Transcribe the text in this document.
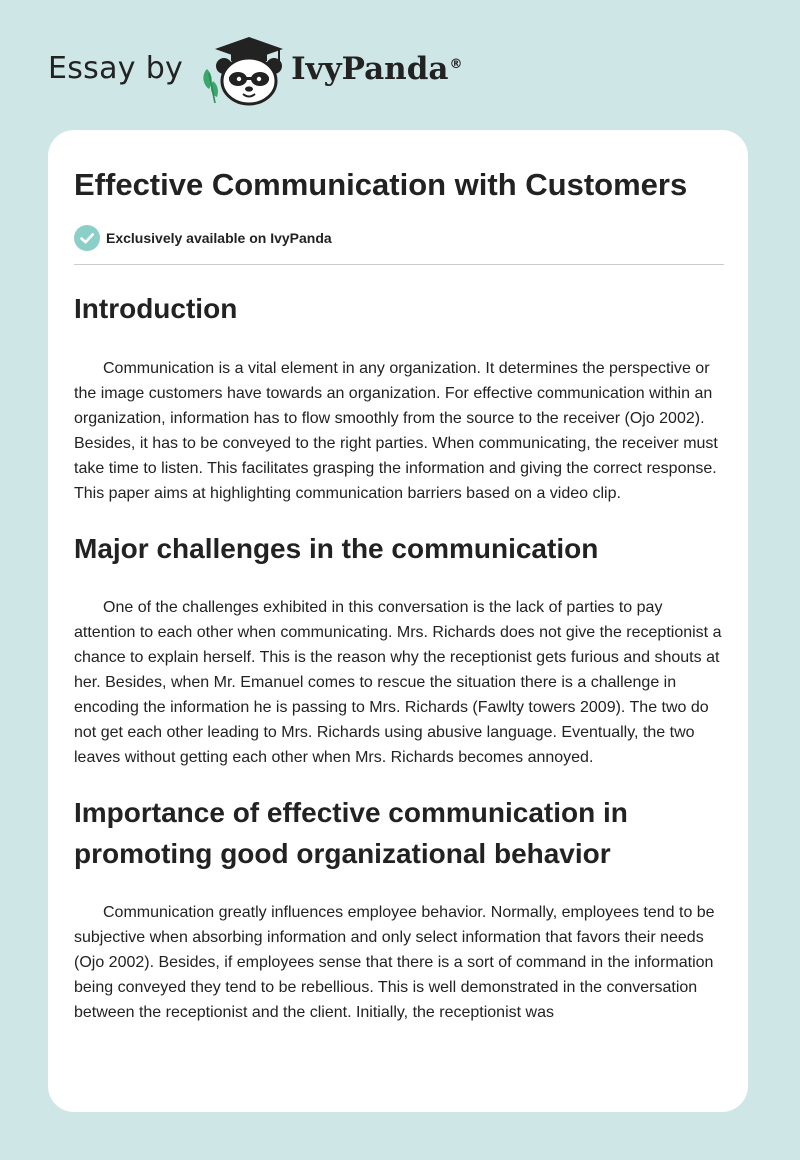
Essay by	IvyPanda®
Effective Communication with Customers
Exclusively available on IvyPanda
Introduction

Communication is a vital element in any organization. It determines the perspective or the image customers have towards an organization. For effective communication within an organization, information has to flow smoothly from the source to the receiver (Ojo 2002). Besides, it has to be conveyed to the right parties. When communicating, the receiver must take time to listen. This facilitates grasping the information and giving the correct response. This paper aims at highlighting communication barriers based on a video clip.

Major challenges in the communication

One of the challenges exhibited in this conversation is the lack of parties to pay attention to each other when communicating. Mrs. Richards does not give the receptionist a chance to explain herself. This is the reason why the receptionist gets furious and shouts at her. Besides, when Mr. Emanuel comes to rescue the situation there is a challenge in encoding the information he is passing to Mrs. Richards (Fawlty towers 2009). The two do not get each other leading to Mrs. Richards using abusive language. Eventually, the two leaves without getting each other when Mrs. Richards becomes annoyed.

Importance of effective communication in promoting good organizational behavior

Communication greatly influences employee behavior. Normally, employees tend to be subjective when absorbing information and only select information that favors their needs (Ojo 2002). Besides, if employees sense that there is a sort of command in the information being conveyed they tend to be rebellious. This is well demonstrated in the conversation between the receptionist and the client. Initially, the receptionist was
